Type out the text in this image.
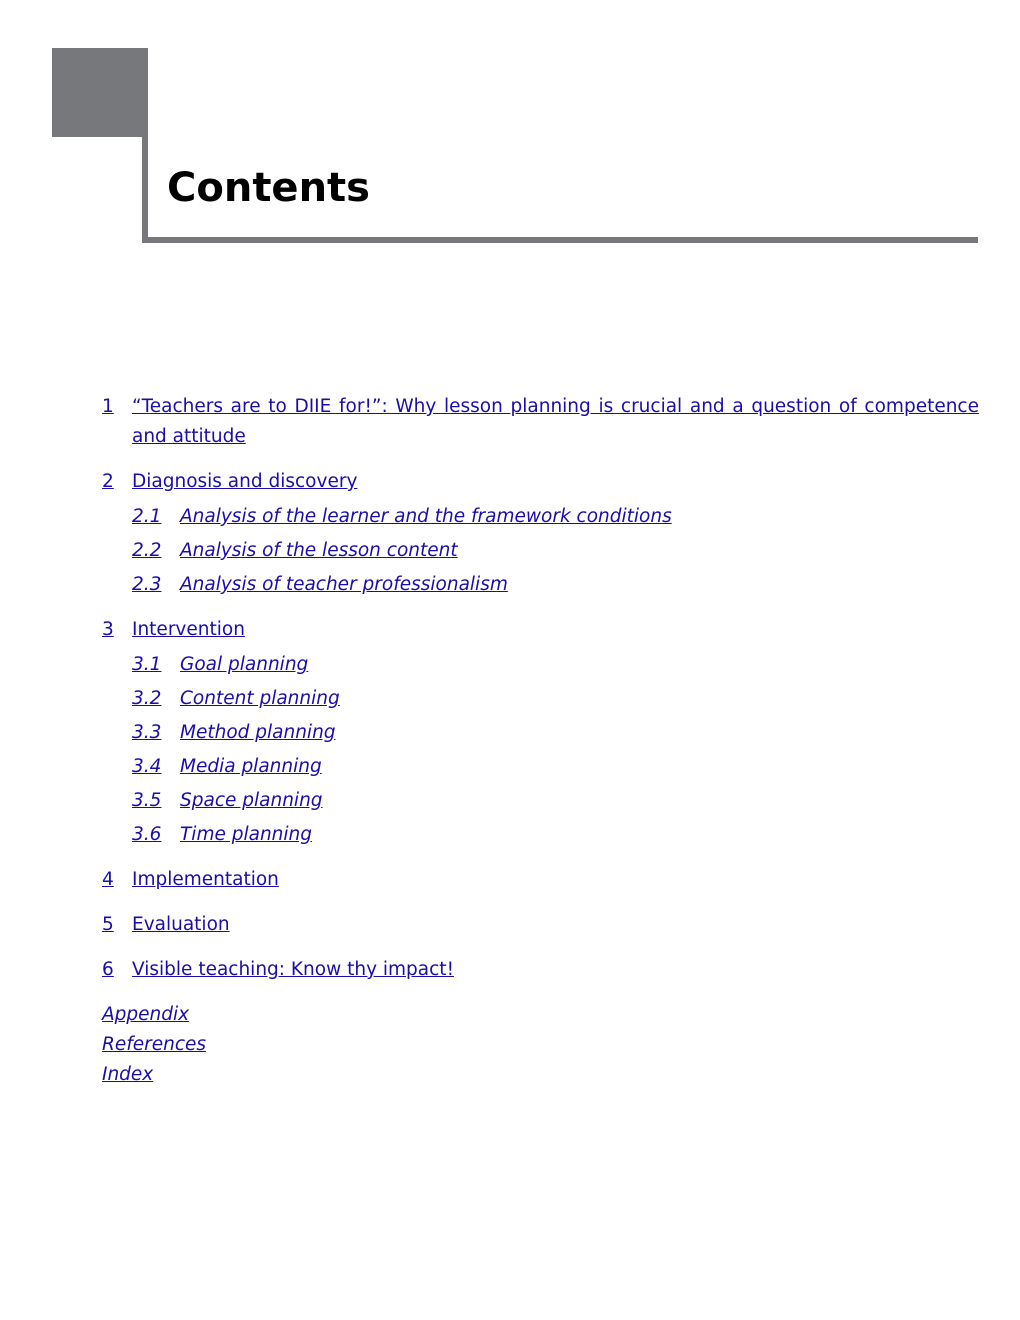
Contents
1 “Teachers are to DIIE for!”: Why lesson planning is crucial and a question of competence and attitude
2 Diagnosis and discovery
2.1	Analysis of the learner and the framework conditions
2.2	Analysis of the lesson content
2.3	Analysis of teacher professionalism
3 Intervention
3.1	Goal planning
3.2	Content planning
3.3	Method planning
3.4	Media planning
3.5	Space planning
3.6	Time planning
4 Implementation
5 Evaluation
6 Visible teaching: Know thy impact!
Appendix
References
Index
